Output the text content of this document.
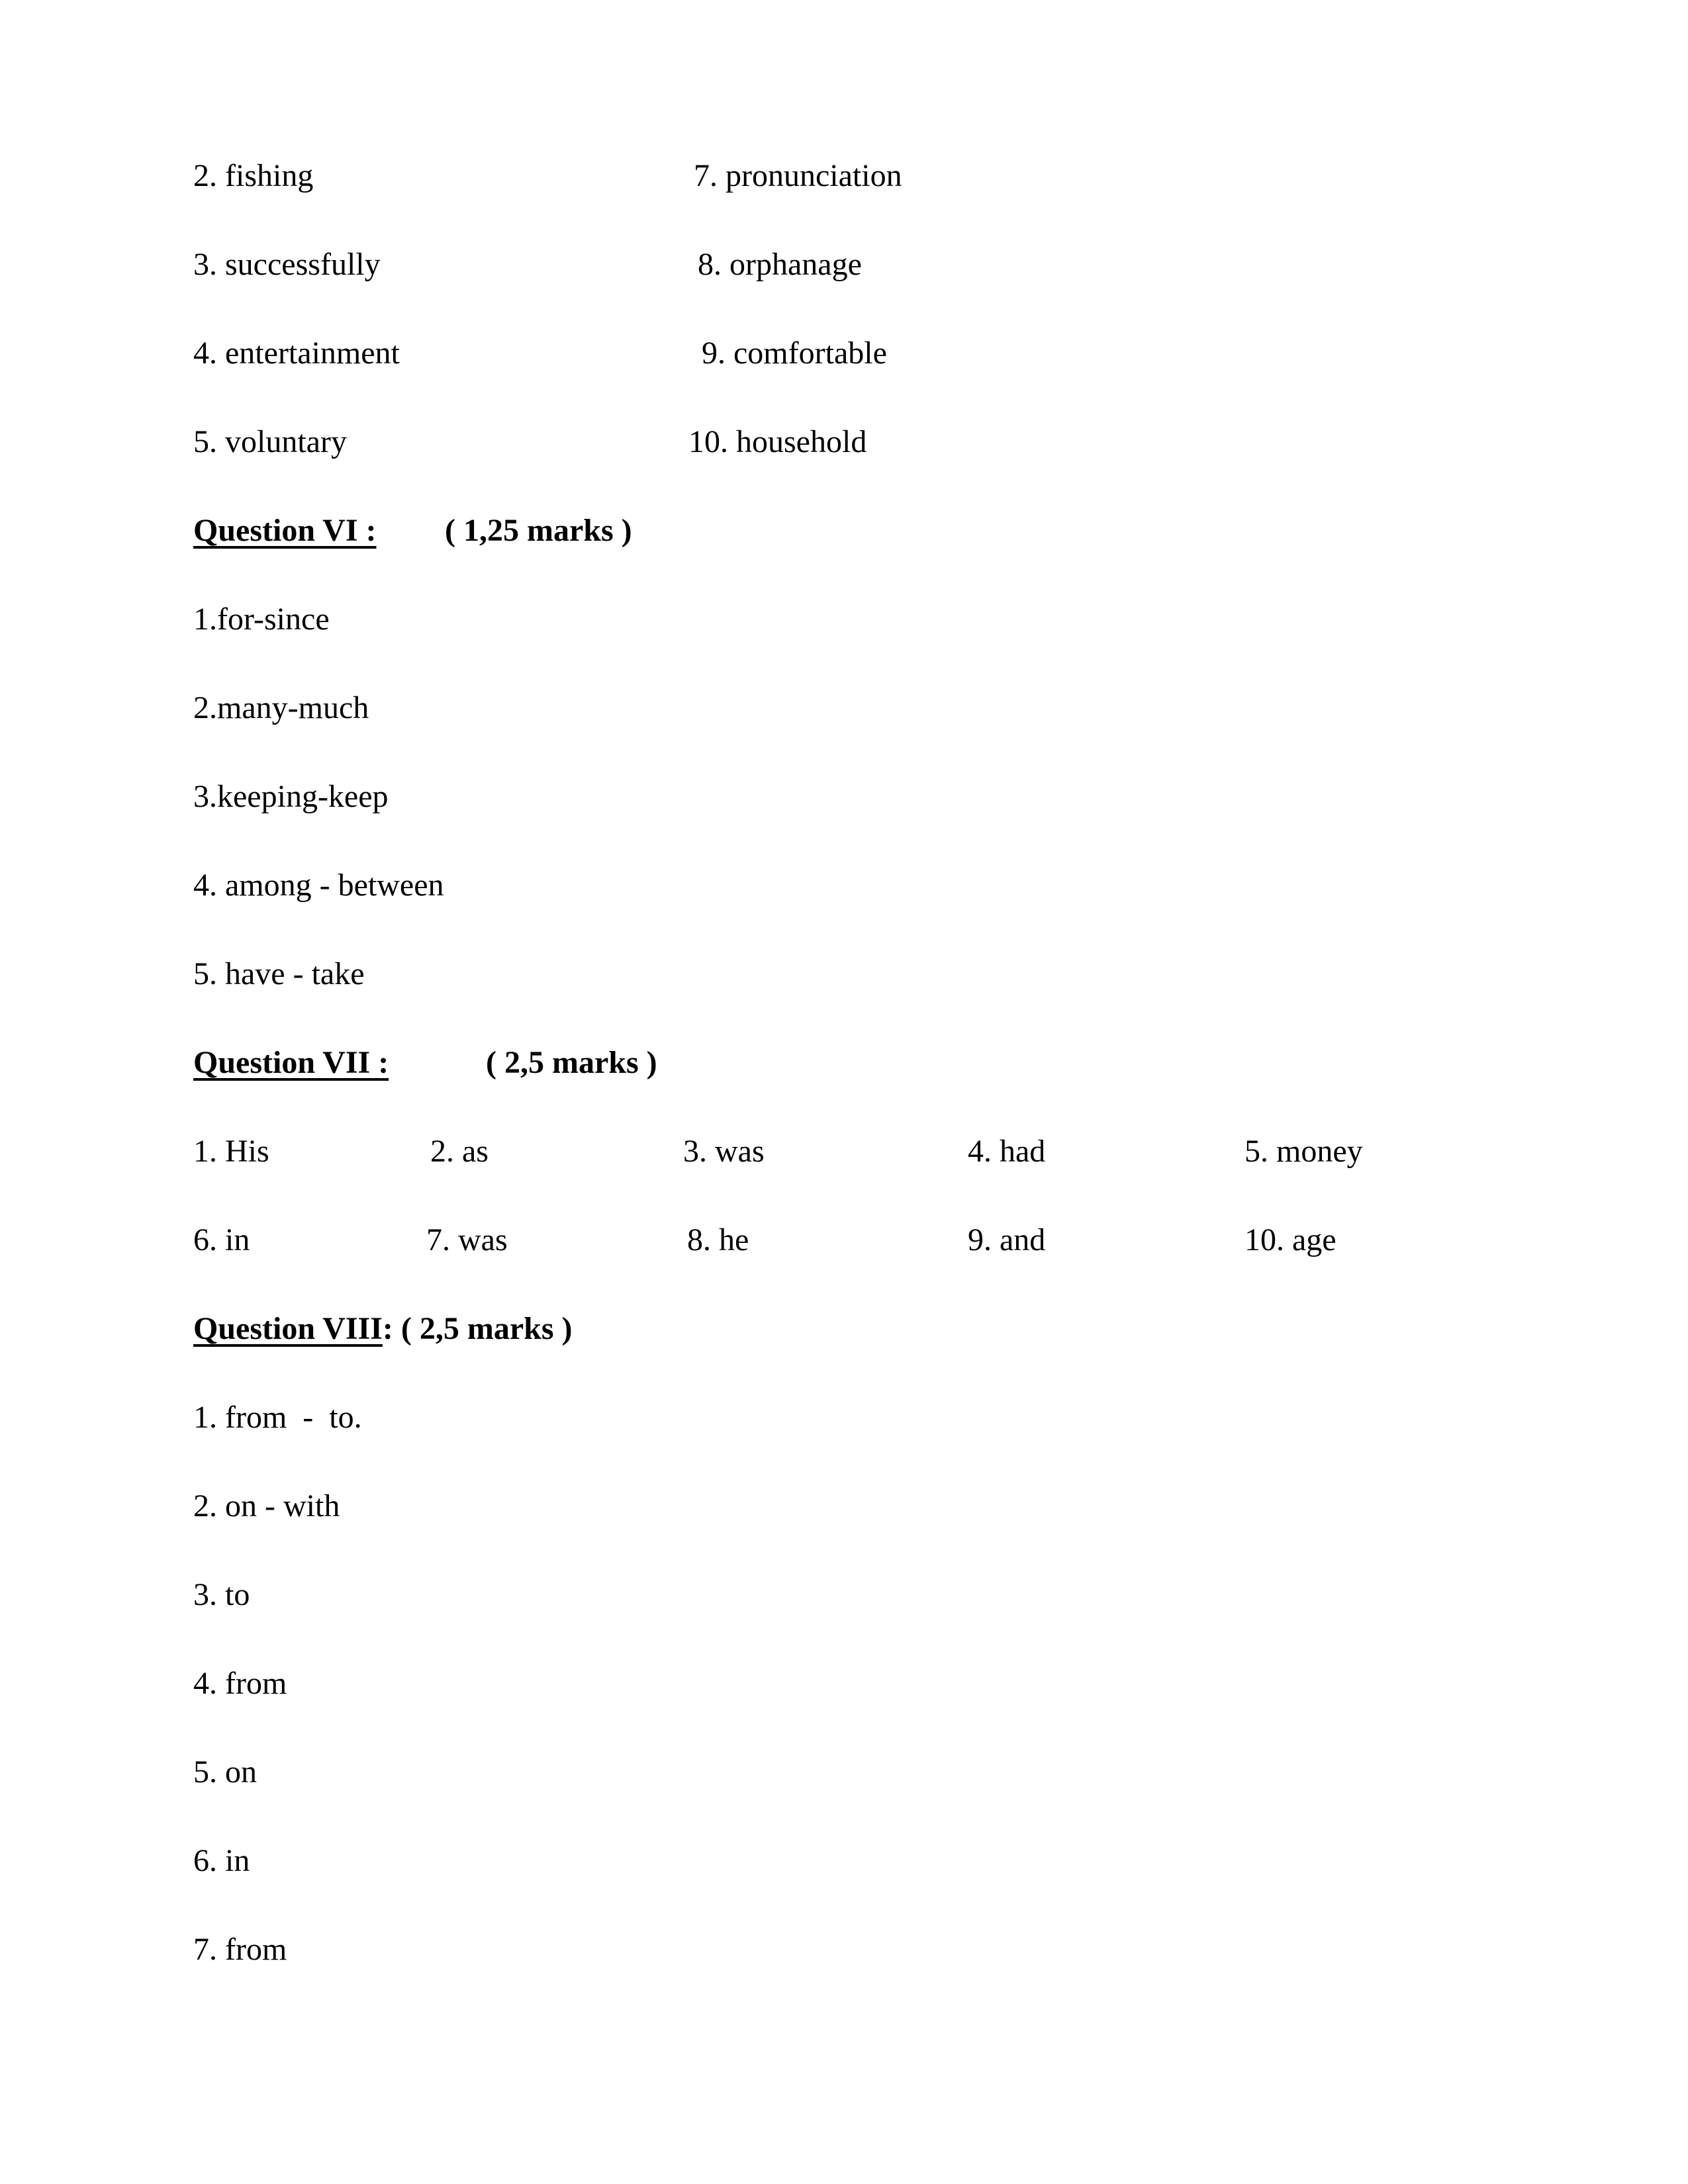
2. fishing	7. pronunciation
3. successfully	8. orphanage
4. entertainment	9. comfortable
5. voluntary	10. household
Question VI : ( 1,25 marks )
1.for-since
2.many-much
3.keeping-keep
4. among - between
5. have - take
Question VII :	( 2,5 marks )
1. His	2. as	3. was	4. had	5. money
6. in	7. was	8. he	9. and	10. age
Question VIII: ( 2,5 marks )
1. from  -  to.
2. on - with
3. to
4. from
5. on
6. in
7. from
